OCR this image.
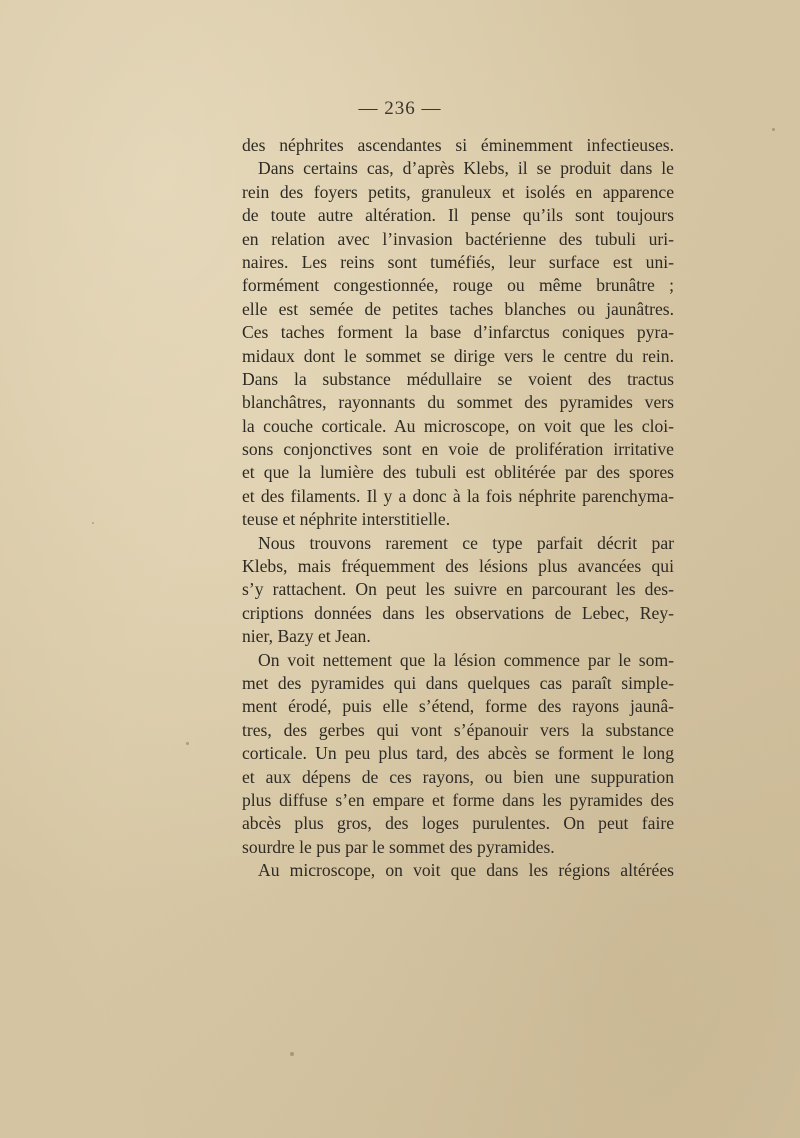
— 236 —
des néphrites ascendantes si éminemment infectieuses.
Dans certains cas, d’après Klebs, il se produit dans le
rein des foyers petits, granuleux et isolés en apparence
de toute autre altération. Il pense qu’ils sont toujours
en relation avec l’invasion bactérienne des tubuli uri-
naires. Les reins sont tuméfiés, leur surface est uni-
formément congestionnée, rouge ou même brunâtre ;
elle est semée de petites taches blanches ou jaunâtres.
Ces taches forment la base d’infarctus coniques pyra-
midaux dont le sommet se dirige vers le centre du rein.
Dans la substance médullaire se voient des tractus
blanchâtres, rayonnants du sommet des pyramides vers
la couche corticale. Au microscope, on voit que les cloi-
sons conjonctives sont en voie de prolifération irritative
et que la lumière des tubuli est oblitérée par des spores
et des filaments. Il y a donc à la fois néphrite parenchyma-
teuse et néphrite interstitielle.
Nous trouvons rarement ce type parfait décrit par
Klebs, mais fréquemment des lésions plus avancées qui
s’y rattachent. On peut les suivre en parcourant les des-
criptions données dans les observations de Lebec, Rey-
nier, Bazy et Jean.
On voit nettement que la lésion commence par le som-
met des pyramides qui dans quelques cas paraît simple-
ment érodé, puis elle s’étend, forme des rayons jaunâ-
tres, des gerbes qui vont s’épanouir vers la substance
corticale. Un peu plus tard, des abcès se forment le long
et aux dépens de ces rayons, ou bien une suppuration
plus diffuse s’en empare et forme dans les pyramides des
abcès plus gros, des loges purulentes. On peut faire
sourdre le pus par le sommet des pyramides.
Au microscope, on voit que dans les régions altérées
